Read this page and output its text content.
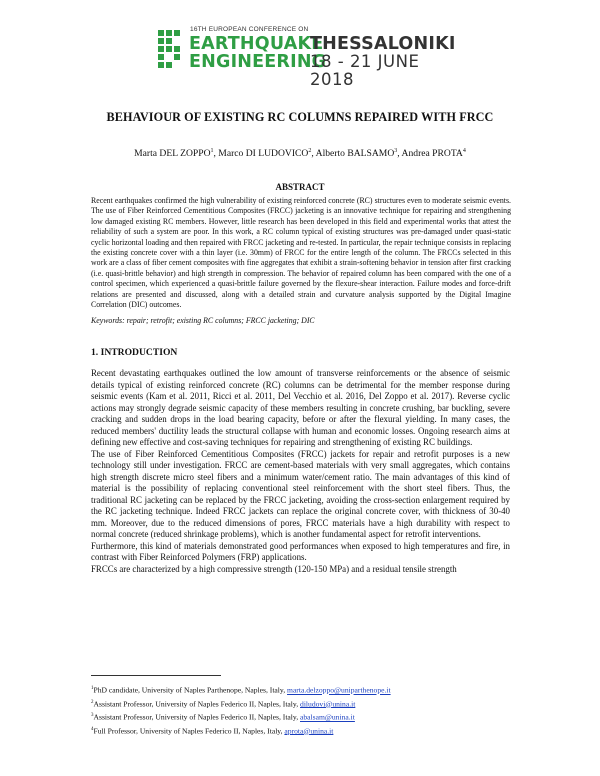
16TH EUROPEAN CONFERENCE ON
EARTHQUAKE
ENGINEERING
THESSALONIKI
18 - 21 JUNE 2018
BEHAVIOUR OF EXISTING RC COLUMNS REPAIRED WITH FRCC
Marta DEL ZOPPO$^1$, Marco DI LUDOVICO$^2$, Alberto BALSAMO$^3$, Andrea PROTA$^4$
ABSTRACT
Recent earthquakes confirmed the high vulnerability of existing reinforced concrete (RC) structures even to moderate seismic events. The use of Fiber Reinforced Cementitious Composites (FRCC) jacketing is an innovative technique for repairing and strengthening low damaged existing RC members. However, little research has been developed in this field and experimental works that attest the reliability of such a system are poor. In this work, a RC column typical of existing structures was pre-damaged under quasi-static cyclic horizontal loading and then repaired with FRCC jacketing and re-tested. In particular, the repair technique consists in replacing the existing concrete cover with a thin layer (i.e. 30mm) of FRCC for the entire length of the column. The FRCCs selected in this work are a class of fiber cement composites with fine aggregates that exhibit a strain-softening behavior in tension after first cracking (i.e. quasi-brittle behavior) and high strength in compression. The behavior of repaired column has been compared with the one of a control specimen, which experienced a quasi-brittle failure governed by the flexure-shear interaction. Failure modes and force-drift relations are presented and discussed, along with a detailed strain and curvature analysis supported by the Digital Imagine Correlation (DIC) outcomes.
Keywords: repair; retrofit; existing RC columns; FRCC jacketing; DIC
1. INTRODUCTION

Recent devastating earthquakes outlined the low amount of transverse reinforcements or the absence of seismic details typical of existing reinforced concrete (RC) columns can be detrimental for the member response during seismic events (Kam et al. 2011, Ricci et al. 2011, Del Vecchio et al. 2016, Del Zoppo et al. 2017). Reverse cyclic actions may strongly degrade seismic capacity of these members resulting in concrete crushing, bar buckling, severe cracking and sudden drops in the load bearing capacity, before or after the flexural yielding. In many cases, the reduced members' ductility leads the structural collapse with human and economic losses. Ongoing research aims at defining new effective and cost-saving techniques for repairing and strengthening of existing RC buildings.

The use of Fiber Reinforced Cementitious Composites (FRCC) jackets for repair and retrofit purposes is a new technology still under investigation. FRCC are cement-based materials with very small aggregates, which contains high strength discrete micro steel fibers and a minimum water/cement ratio. The main advantages of this kind of material is the possibility of replacing conventional steel reinforcement with the short steel fibers. Thus, the traditional RC jacketing can be replaced by the FRCC jacketing, avoiding the cross-section enlargement required by the RC jacketing technique. Indeed FRCC jackets can replace the original concrete cover, with thickness of 30-40 mm. Moreover, due to the reduced dimensions of pores, FRCC materials have a high durability with respect to normal concrete (reduced shrinkage problems), which is another fundamental aspect for retrofit interventions.

Furthermore, this kind of materials demonstrated good performances when exposed to high temperatures and fire, in contrast with Fiber Reinforced Polymers (FRP) applications.

FRCCs are characterized by a high compressive strength (120-150 MPa) and a residual tensile strength

$^1$PhD candidate, University of Naples Parthenope, Naples, Italy, marta.delzoppo@uniparthenope.it
$^2$Assistant Professor, University of Naples Federico II, Naples, Italy, diludovi@unina.it
$^3$Assistant Professor, University of Naples Federico II, Naples, Italy, abalsam@unina.it
$^4$Full Professor, University of Naples Federico II, Naples, Italy, aprota@unina.it
